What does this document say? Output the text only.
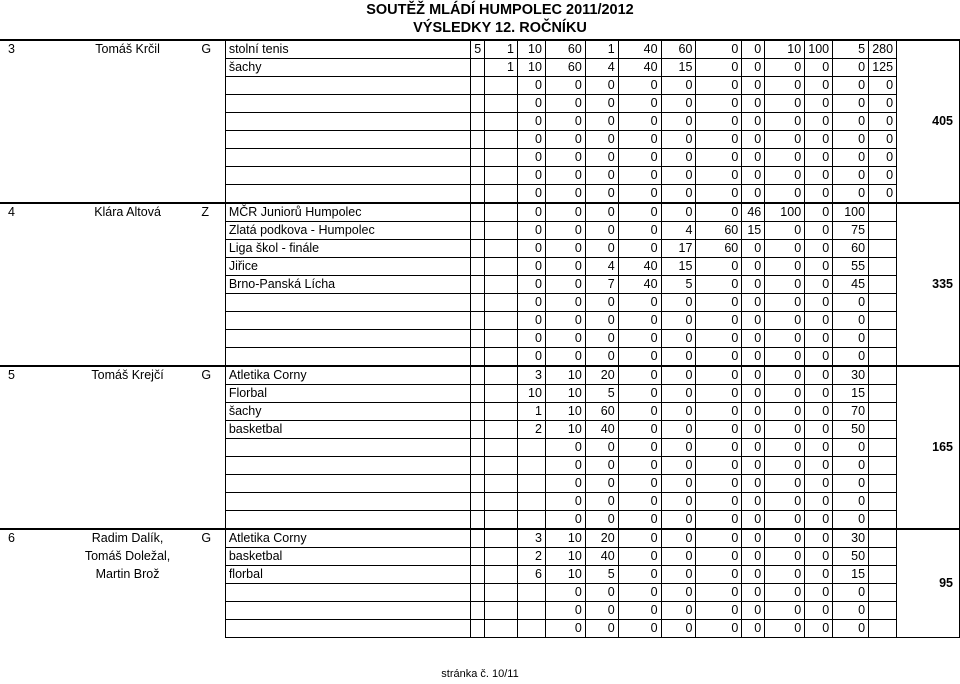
SOUTĚŽ MLÁDÍ HUMPOLEC 2011/2012
VÝSLEDKY 12. ROČNÍKU
3	Tomáš Krčil	G	stolní tenis	5	1	10	60	1	40	60	0	0	10	100	5	280	405
			šachy		1	10	60	4	40	15	0	0	0	0	0	125	
						0	0	0	0	0	0	0	0	0	0	0	
						0	0	0	0	0	0	0	0	0	0	0	
						0	0	0	0	0	0	0	0	0	0	0	
						0	0	0	0	0	0	0	0	0	0	0	
						0	0	0	0	0	0	0	0	0	0	0	
						0	0	0	0	0	0	0	0	0	0	0	
						0	0	0	0	0	0	0	0	0	0	0	
4	Klára Altová	Z	MČR Juniorů Humpolec			0	0	0	0	0	0	46	100	0	100		335
			Zlatá podkova - Humpolec			0	0	0	0	4	60	15	0	0	75		
			Liga škol - finále			0	0	0	0	17	60	0	0	0	60		
			Jiřice			0	0	4	40	15	0	0	0	0	55		
			Brno-Panská Lícha			0	0	7	40	5	0	0	0	0	45		
						0	0	0	0	0	0	0	0	0	0		
						0	0	0	0	0	0	0	0	0	0		
						0	0	0	0	0	0	0	0	0	0		
						0	0	0	0	0	0	0	0	0	0		
5	Tomáš Krejčí	G	Atletika Corny			3	10	20	0	0	0	0	0	0	30		165
			Florbal			10	10	5	0	0	0	0	0	0	15		
			šachy			1	10	60	0	0	0	0	0	0	70		
			basketbal			2	10	40	0	0	0	0	0	0	50		
							0	0	0	0	0	0	0	0	0		
							0	0	0	0	0	0	0	0	0		
							0	0	0	0	0	0	0	0	0		
							0	0	0	0	0	0	0	0	0		
							0	0	0	0	0	0	0	0	0		
6	Radim Dalík,	G	Atletika Corny			3	10	20	0	0	0	0	0	0	30		95
	Tomáš Doležal,		basketbal			2	10	40	0	0	0	0	0	0	50		
	Martin Brož		florbal			6	10	5	0	0	0	0	0	0	15		
							0	0	0	0	0	0	0	0	0		
							0	0	0	0	0	0	0	0	0		
							0	0	0	0	0	0	0	0	0		
stránka č. 10/11
